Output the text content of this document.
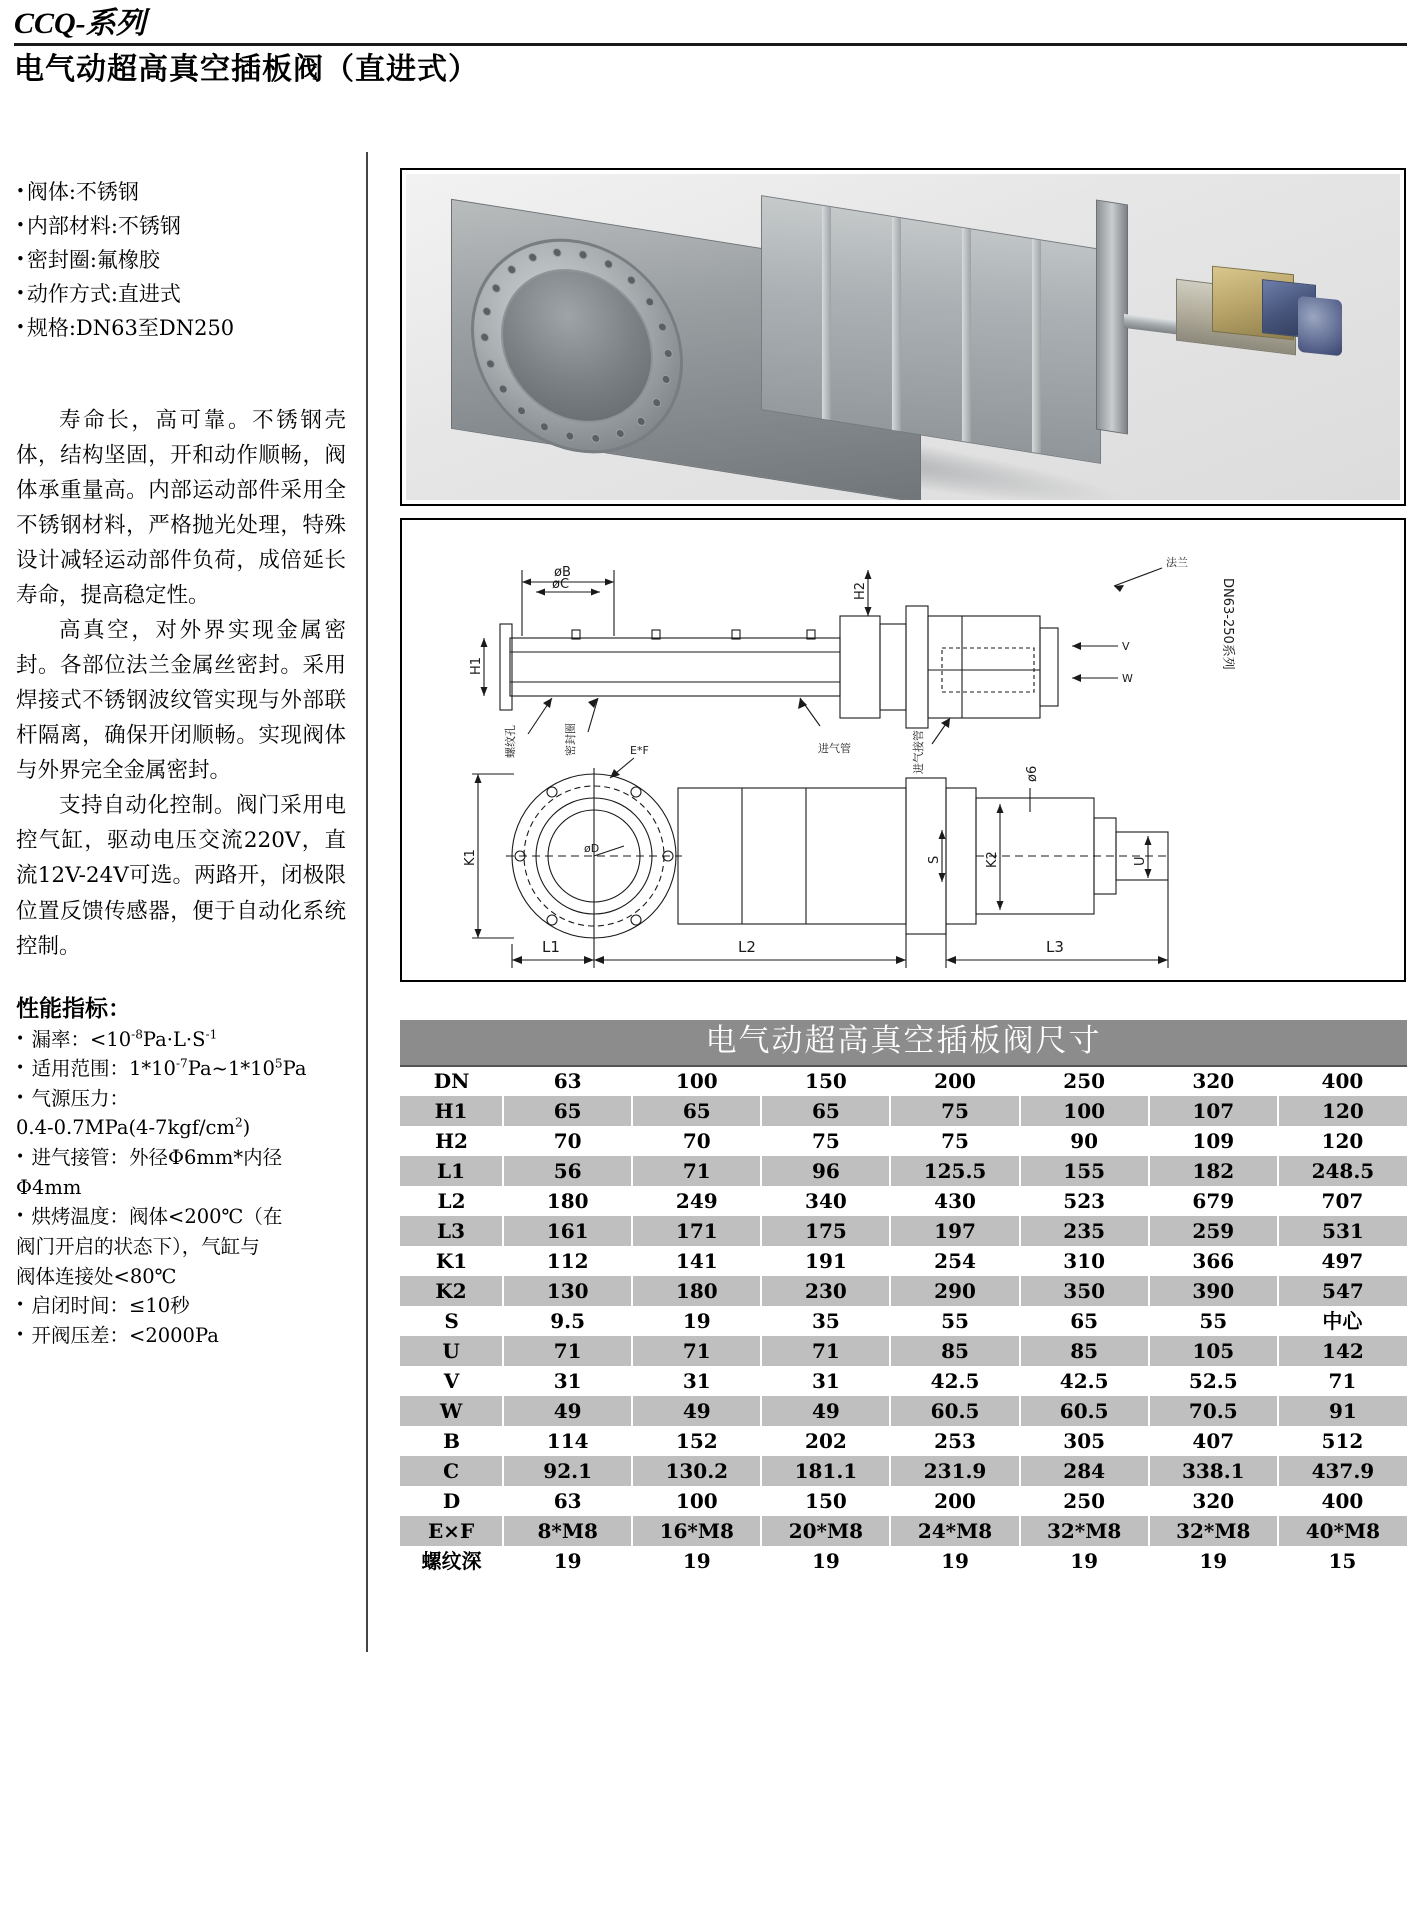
CCQ-系列
电气动超高真空插板阀（直进式）
• 阀体:不锈钢
• 内部材料:不锈钢
• 密封圈:氟橡胶
• 动作方式:直进式
• 规格:DN63至DN250

寿命长，高可靠。不锈钢壳体，结构坚固，开和动作顺畅，阀体承重量高。内部运动部件采用全不锈钢材料，严格抛光处理，特殊设计减轻运动部件负荷，成倍延长寿命，提高稳定性。

高真空，对外界实现金属密封。各部位法兰金属丝密封。采用焊接式不锈钢波纹管实现与外部联杆隔离，确保开闭顺畅。实现阀体与外界完全金属密封。

支持自动化控制。阀门采用电控气缸，驱动电压交流220V，直流12V-24V可选。两路开，闭极限位置反馈传感器，便于自动化系统控制。

性能指标：
• 漏率：$<10^{-8}Pa\cdot L\cdot S^{-1}$
• 适用范围：$1*10^{-7}Pa\sim 1*10^5Pa$
• 气源压力：
$0.4-0.7MPa(4-7kgf/cm^2)$
• 进气接管：外径Φ6mm*内径
Φ4mm
• 烘烤温度：阀体<200℃（在
阀门开启的状态下），气缸与
阀体连接处<80℃
• 启闭时间：≤10秒
• 开阀压差：<2000Pa
øB
øC
H1
H2
法兰
V
W
DN63-250系列
螺纹孔	密封圈	进气管	进气接管
øD
K1	K2
S	U
ø6
E*F
L1	L2	L3
电气动超高真空插板阀尺寸							
DN	63	100	150	200	250	320	400
H1	65	65	65	75	100	107	120
H2	70	70	75	75	90	109	120
L1	56	71	96	125.5	155	182	248.5
L2	180	249	340	430	523	679	707
L3	161	171	175	197	235	259	531
K1	112	141	191	254	310	366	497
K2	130	180	230	290	350	390	547
S	9.5	19	35	55	65	55	中心
U	71	71	71	85	85	105	142
V	31	31	31	42.5	42.5	52.5	71
W	49	49	49	60.5	60.5	70.5	91
B	114	152	202	253	305	407	512
C	92.1	130.2	181.1	231.9	284	338.1	437.9
D	63	100	150	200	250	320	400
E×F	8*M8	16*M8	20*M8	24*M8	32*M8	32*M8	40*M8
螺纹深	19	19	19	19	19	19	15
